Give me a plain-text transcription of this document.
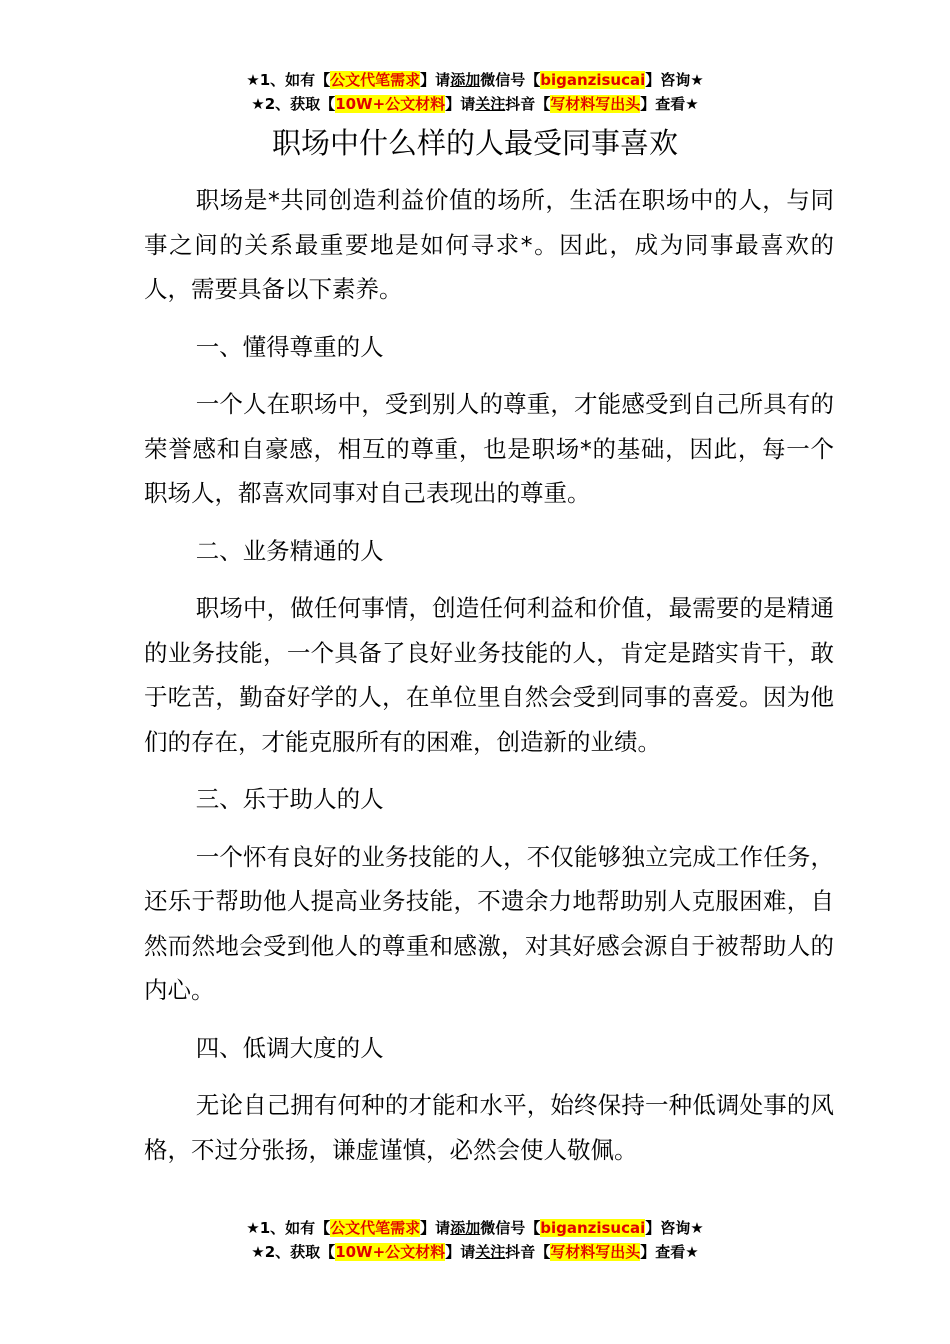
★1、如有【公文代笔需求】请添加微信号【biganzisucai】咨询★
★2、获取【10W+公文材料】请关注抖音【写材料写出头】查看★
职场中什么样的人最受同事喜欢

职场是*共同创造利益价值的场所，生活在职场中的人，与同事之间的关系最重要地是如何寻求*。因此，成为同事最喜欢的人，需要具备以下素养。

一、懂得尊重的人

一个人在职场中，受到别人的尊重，才能感受到自己所具有的荣誉感和自豪感，相互的尊重，也是职场*的基础，因此，每一个职场人，都喜欢同事对自己表现出的尊重。

二、业务精通的人

职场中，做任何事情，创造任何利益和价值，最需要的是精通的业务技能，一个具备了良好业务技能的人，肯定是踏实肯干，敢于吃苦，勤奋好学的人，在单位里自然会受到同事的喜爱。因为他们的存在，才能克服所有的困难，创造新的业绩。

三、乐于助人的人

一个怀有良好的业务技能的人，不仅能够独立完成工作任务，还乐于帮助他人提高业务技能，不遗余力地帮助别人克服困难，自然而然地会受到他人的尊重和感激，对其好感会源自于被帮助人的内心。

四、低调大度的人

无论自己拥有何种的才能和水平，始终保持一种低调处事的风格，不过分张扬，谦虚谨慎，必然会使人敬佩。

★1、如有【公文代笔需求】请添加微信号【biganzisucai】咨询★
★2、获取【10W+公文材料】请关注抖音【写材料写出头】查看★
